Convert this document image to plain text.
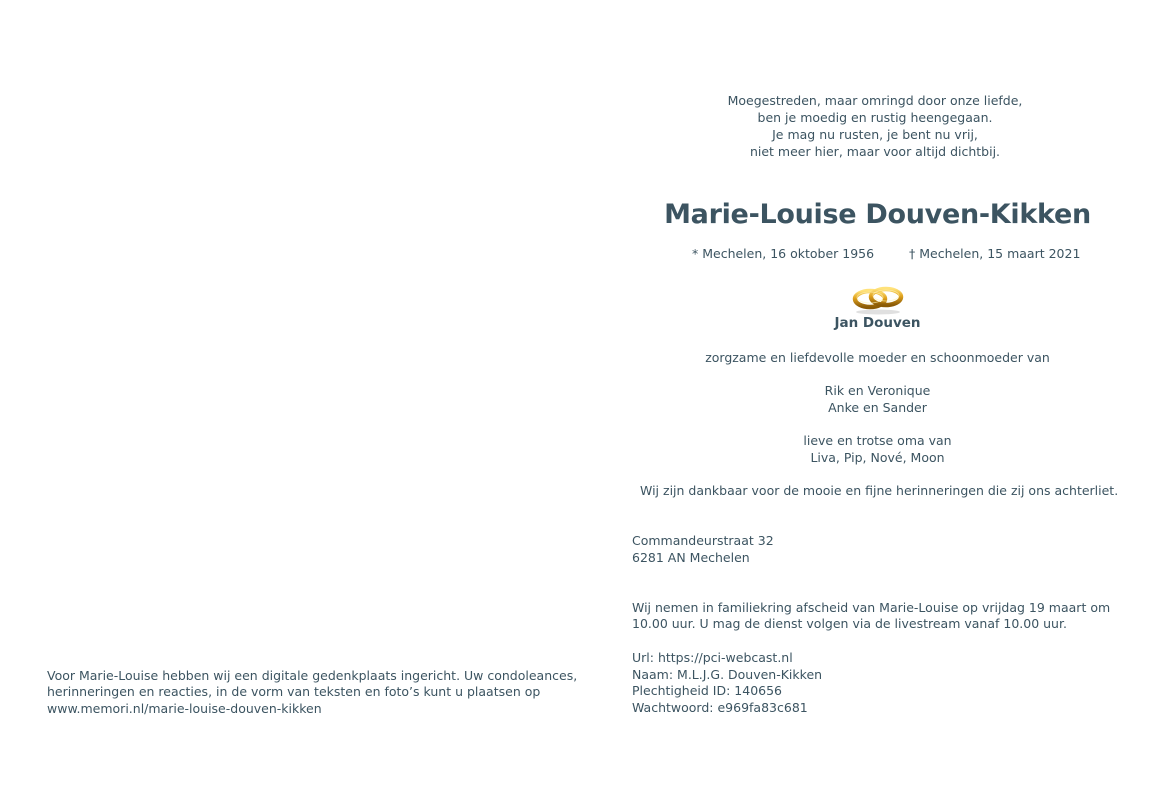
Moegestreden, maar omringd door onze liefde,
ben je moedig en rustig heengegaan.
Je mag nu rusten, je bent nu vrij,
niet meer hier, maar voor altijd dichtbij.
Marie-Louise Douven-Kikken
* Mechelen, 16 oktober 1956	† Mechelen, 15 maart 2021
Jan Douven
zorgzame en liefdevolle moeder en schoonmoeder van
Rik en Veronique
Anke en Sander
lieve en trotse oma van
Liva, Pip, Nové, Moon
Wij zijn dankbaar voor de mooie en fijne herinneringen die zij ons achterliet.
Commandeurstraat 32
6281 AN Mechelen
Wij nemen in familiekring afscheid van Marie-Louise op vrijdag 19 maart om
10.00 uur. U mag de dienst volgen via de livestream vanaf 10.00 uur.
Url: https://pci-webcast.nl
Naam: M.L.J.G. Douven-Kikken
Plechtigheid ID: 140656
Wachtwoord: e969fa83c681
Voor Marie-Louise hebben wij een digitale gedenkplaats ingericht. Uw condoleances,
herinneringen en reacties, in de vorm van teksten en foto’s kunt u plaatsen op
www.memori.nl/marie-louise-douven-kikken
